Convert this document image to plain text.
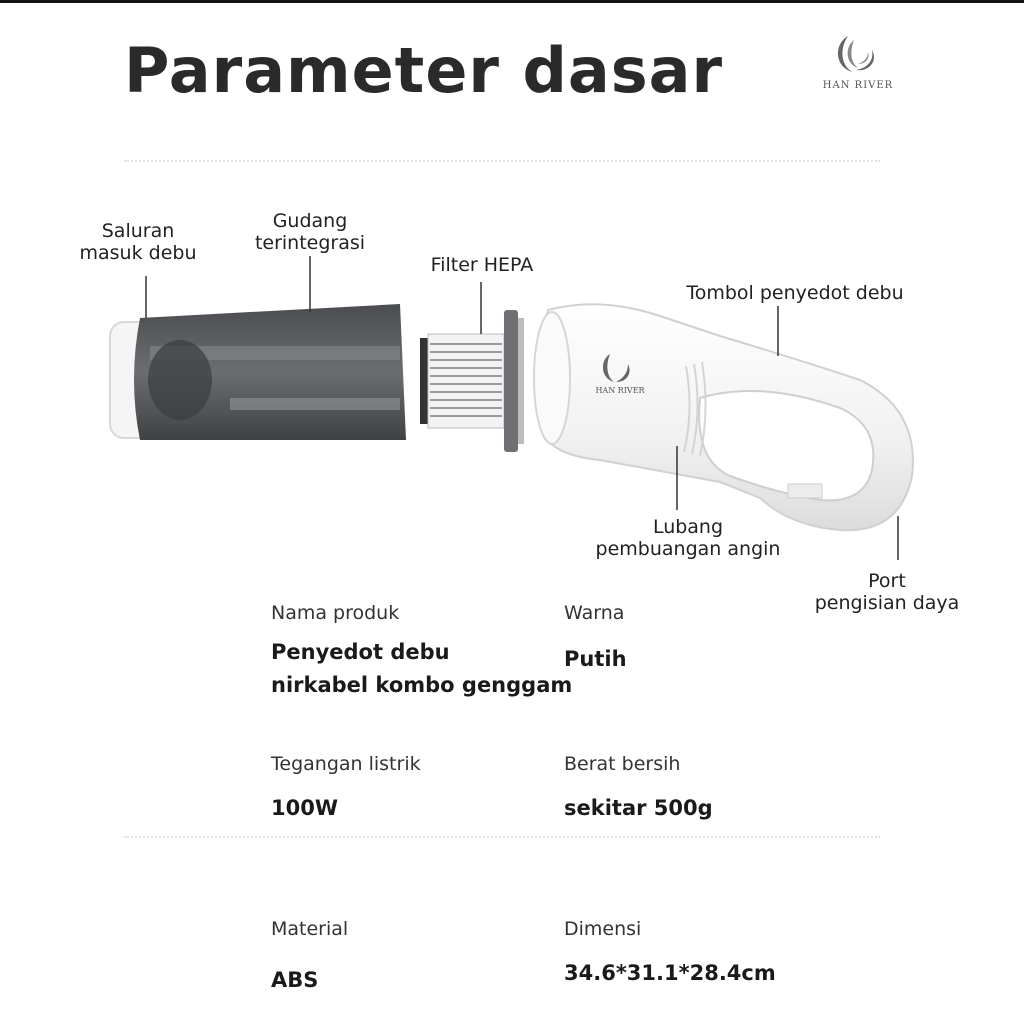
Parameter dasar	HAN RIVER
HAN RIVER
Saluran
masuk debu
Gudang
terintegrasi
Filter HEPA
Tombol penyedot debu
Lubang
pembuangan angin
Port
pengisian daya
Nama produk
Penyedot debu
nirkabel kombo genggam
Warna
Putih
Tegangan listrik
100W
Berat bersih
sekitar 500g
Material
ABS
Dimensi
34.6*31.1*28.4cm
